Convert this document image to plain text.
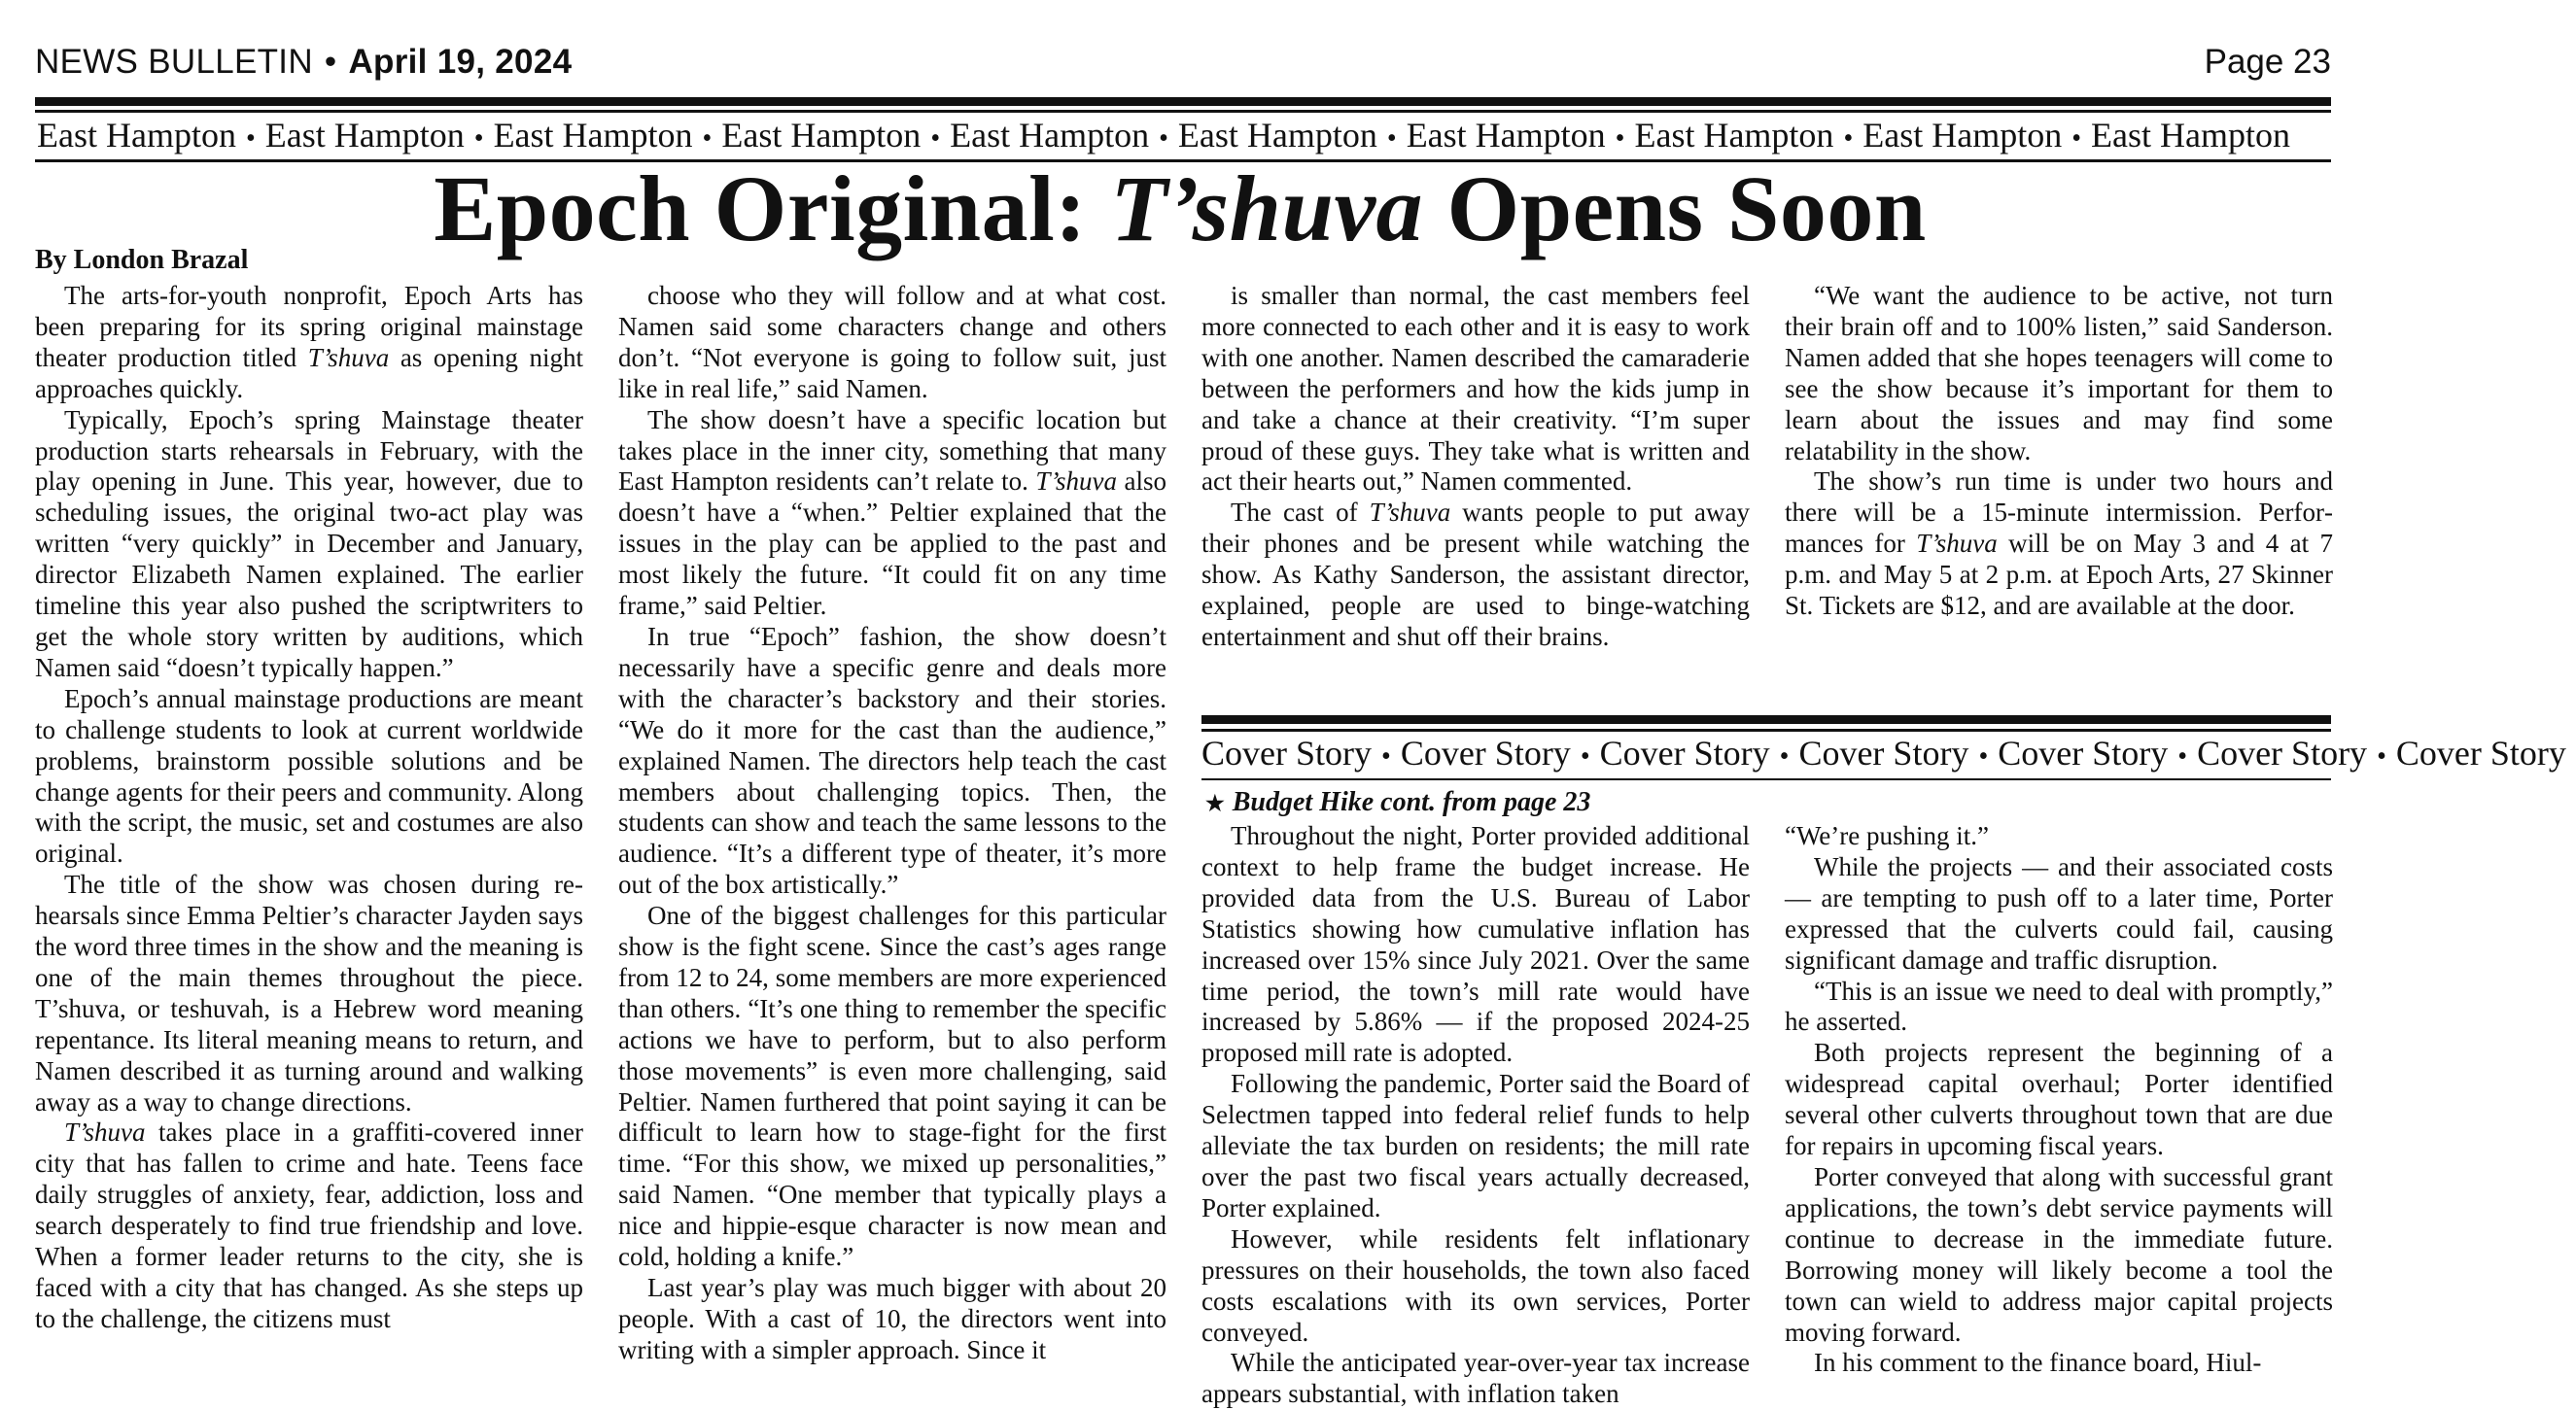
NEWS BULLETIN • April 19, 2024	Page 23
East Hampton • East Hampton • East Hampton • East Hampton • East Hampton • East Hampton • East Hampton • East Hampton • East Hampton • East Hampton
Epoch Original: T’shuva Opens Soon
By London Brazal

The arts-for-youth nonprofit, Epoch Arts has been preparing for its spring original mainstage theater production titled T’shuva as opening night approaches quickly.

Typically, Epoch’s spring Mainstage theater production starts rehearsals in February, with the play opening in June. This year, however, due to scheduling issues, the original two-act play was written “very quickly” in December and January, director Elizabeth Namen explained. The earlier timeline this year also pushed the scriptwriters to get the whole story written by auditions, which Namen said “doesn’t typically happen.”

Epoch’s annual mainstage productions are meant to challenge students to look at current worldwide problems, brainstorm possible solutions and be change agents for their peers and community. Along with the script, the music, set and costumes are also original.

The title of the show was chosen during rehearsals since Emma Peltier’s character Jayden says the word three times in the show and the meaning is one of the main themes throughout the piece. T’shuva, or teshuvah, is a Hebrew word meaning repentance. Its literal meaning means to return, and Namen described it as turning around and walking away as a way to change directions.

T’shuva takes place in a graffiti-covered inner city that has fallen to crime and hate. Teens face daily struggles of anxiety, fear, addiction, loss and search desperately to find true friendship and love. When a former leader returns to the city, she is faced with a city that has changed. As she steps up to the challenge, the citizens must

choose who they will follow and at what cost. Namen said some characters change and others don’t. “Not everyone is going to follow suit, just like in real life,” said Namen.

The show doesn’t have a specific location but takes place in the inner city, something that many East Hampton residents can’t relate to. T’shuva also doesn’t have a “when.” Peltier explained that the issues in the play can be applied to the past and most likely the future. “It could fit on any time frame,” said Peltier.

In true “Epoch” fashion, the show doesn’t necessarily have a specific genre and deals more with the character’s backstory and their stories. “We do it more for the cast than the audience,” explained Namen. The directors help teach the cast members about challenging topics. Then, the students can show and teach the same lessons to the audience. “It’s a different type of theater, it’s more out of the box artistically.”

One of the biggest challenges for this particular show is the fight scene. Since the cast’s ages range from 12 to 24, some members are more experienced than others. “It’s one thing to remember the specific actions we have to perform, but to also perform those movements” is even more challenging, said Peltier. Namen furthered that point saying it can be difficult to learn how to stage-fight for the first time. “For this show, we mixed up personalities,” said Namen. “One member that typically plays a nice and hippie-esque character is now mean and cold, holding a knife.”

Last year’s play was much bigger with about 20 people. With a cast of 10, the directors went into writing with a simpler approach. Since it

is smaller than normal, the cast members feel more connected to each other and it is easy to work with one another. Namen described the camaraderie between the performers and how the kids jump in and take a chance at their creativity. “I’m super proud of these guys. They take what is written and act their hearts out,” Namen commented.

The cast of T’shuva wants people to put away their phones and be present while watching the show. As Kathy Sanderson, the assistant director, explained, people are used to binge-watching entertainment and shut off their brains.

“We want the audience to be active, not turn their brain off and to 100% listen,” said Sanderson. Namen added that she hopes teenagers will come to see the show because it’s important for them to learn about the issues and may find some relatability in the show.

The show’s run time is under two hours and there will be a 15-minute intermission. Performances for T’shuva will be on May 3 and 4 at 7 p.m. and May 5 at 2 p.m. at Epoch Arts, 27 Skinner St. Tickets are $12, and are available at the door.

Cover Story • Cover Story • Cover Story • Cover Story • Cover Story • Cover Story • Cover Story
★ Budget Hike cont. from page 23

Throughout the night, Porter provided additional context to help frame the budget increase. He provided data from the U.S. Bureau of Labor Statistics showing how cumulative inflation has increased over 15% since July 2021. Over the same time period, the town’s mill rate would have increased by 5.86% — if the proposed 2024-25 proposed mill rate is adopted.

Following the pandemic, Porter said the Board of Selectmen tapped into federal relief funds to help alleviate the tax burden on residents; the mill rate over the past two fiscal years actually decreased, Porter explained.

However, while residents felt inflationary pressures on their households, the town also faced costs escalations with its own services, Porter conveyed.

While the anticipated year-over-year tax increase appears substantial, with inflation taken

“We’re pushing it.”

While the projects — and their associated costs — are tempting to push off to a later time, Porter expressed that the culverts could fail, causing significant damage and traffic disruption.

“This is an issue we need to deal with promptly,” he asserted.

Both projects represent the beginning of a widespread capital overhaul; Porter identified several other culverts throughout town that are due for repairs in upcoming fiscal years.

Porter conveyed that along with successful grant applications, the town’s debt service payments will continue to decrease in the immediate future. Borrowing money will likely become a tool the town can wield to address major capital projects moving forward.

In his comment to the finance board, Hiul-
